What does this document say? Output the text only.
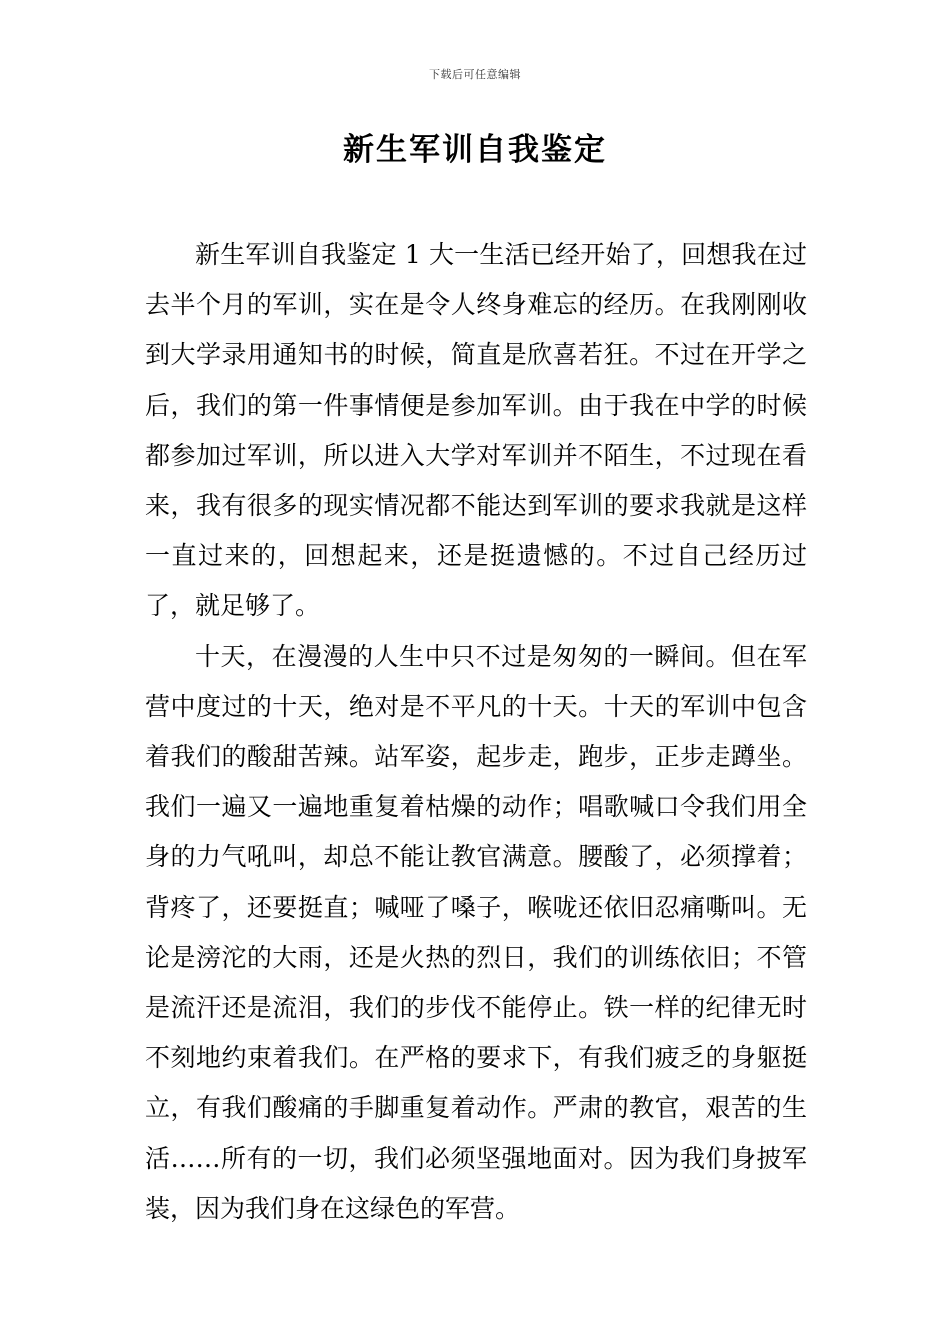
下载后可任意编辑
新生军训自我鉴定

新生军训自我鉴定 1 大一生活已经开始了，回想我在过去半个月的军训，实在是令人终身难忘的经历。在我刚刚收到大学录用通知书的时候，简直是欣喜若狂。不过在开学之后，我们的第一件事情便是参加军训。由于我在中学的时候都参加过军训，所以进入大学对军训并不陌生，不过现在看来，我有很多的现实情况都不能达到军训的要求我就是这样一直过来的，回想起来，还是挺遗憾的。不过自己经历过了，就足够了。

十天，在漫漫的人生中只不过是匆匆的一瞬间。但在军营中度过的十天，绝对是不平凡的十天。十天的军训中包含着我们的酸甜苦辣。站军姿，起步走，跑步，正步走蹲坐。我们一遍又一遍地重复着枯燥的动作；唱歌喊口令我们用全身的力气吼叫，却总不能让教官满意。腰酸了，必须撑着；背疼了，还要挺直；喊哑了嗓子，喉咙还依旧忍痛嘶叫。无论是滂沱的大雨，还是火热的烈日，我们的训练依旧；不管是流汗还是流泪，我们的步伐不能停止。铁一样的纪律无时不刻地约束着我们。在严格的要求下，有我们疲乏的身躯挺立，有我们酸痛的手脚重复着动作。严肃的教官，艰苦的生活……所有的一切，我们必须坚强地面对。因为我们身披军装，因为我们身在这绿色的军营。
